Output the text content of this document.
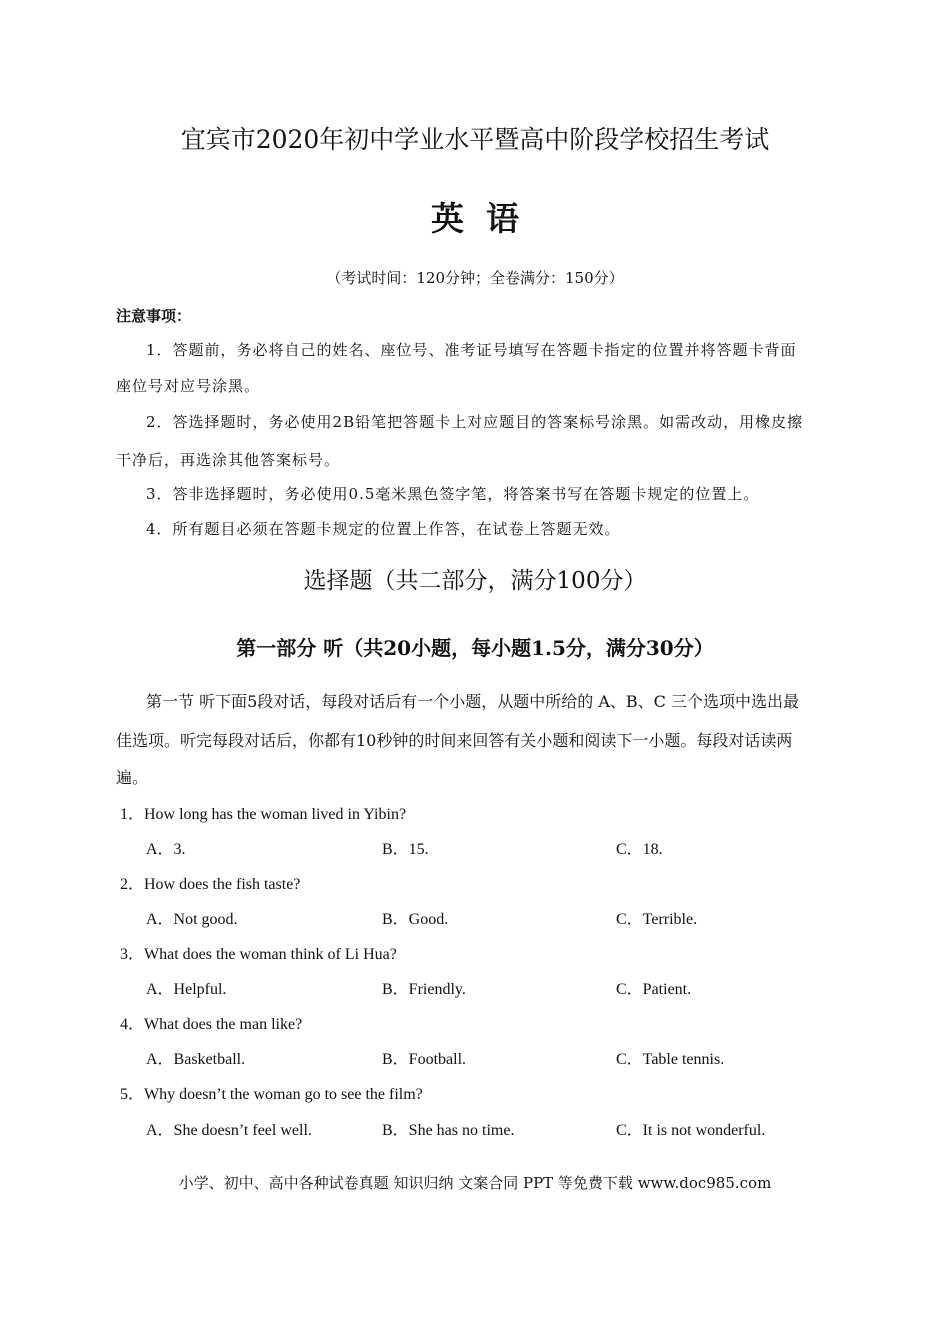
宜宾市2020年初中学业水平暨高中阶段学校招生考试
英语
（考试时间：120分钟；全卷满分：150分）
注意事项：
1．答题前，务必将自己的姓名、座位号、准考证号填写在答题卡指定的位置并将答题卡背面
座位号对应号涂黑。
2．答选择题时，务必使用2B铅笔把答题卡上对应题目的答案标号涂黑。如需改动，用橡皮擦
干净后，再选涂其他答案标号。
3．答非选择题时，务必使用0.5毫米黑色签字笔，将答案书写在答题卡规定的位置上。
4．所有题目必须在答题卡规定的位置上作答，在试卷上答题无效。
选择题（共二部分，满分100分）
第一部分 听（共20小题，每小题1.5分，满分30分）
第一节 听下面5段对话，每段对话后有一个小题，从题中所给的 A、B、C 三个选项中选出最
佳选项。听完每段对话后，你都有10秒钟的时间来回答有关小题和阅读下一小题。每段对话读两
遍。
1．How long has the woman lived in Yibin?
A．3.	B．15.	C．18.
2．How does the fish taste?
A．Not good.	B．Good.	C．Terrible.
3．What does the woman think of Li Hua?
A．Helpful.	B．Friendly.	C．Patient.
4．What does the man like?
A．Basketball.	B．Football.	C．Table tennis.
5．Why doesn’t the woman go to see the film?
A．She doesn’t feel well.	B．She has no time.	C．It is not wonderful.
小学、初中、高中各种试卷真题 知识归纳 文案合同 PPT 等免费下载 www.doc985.com
